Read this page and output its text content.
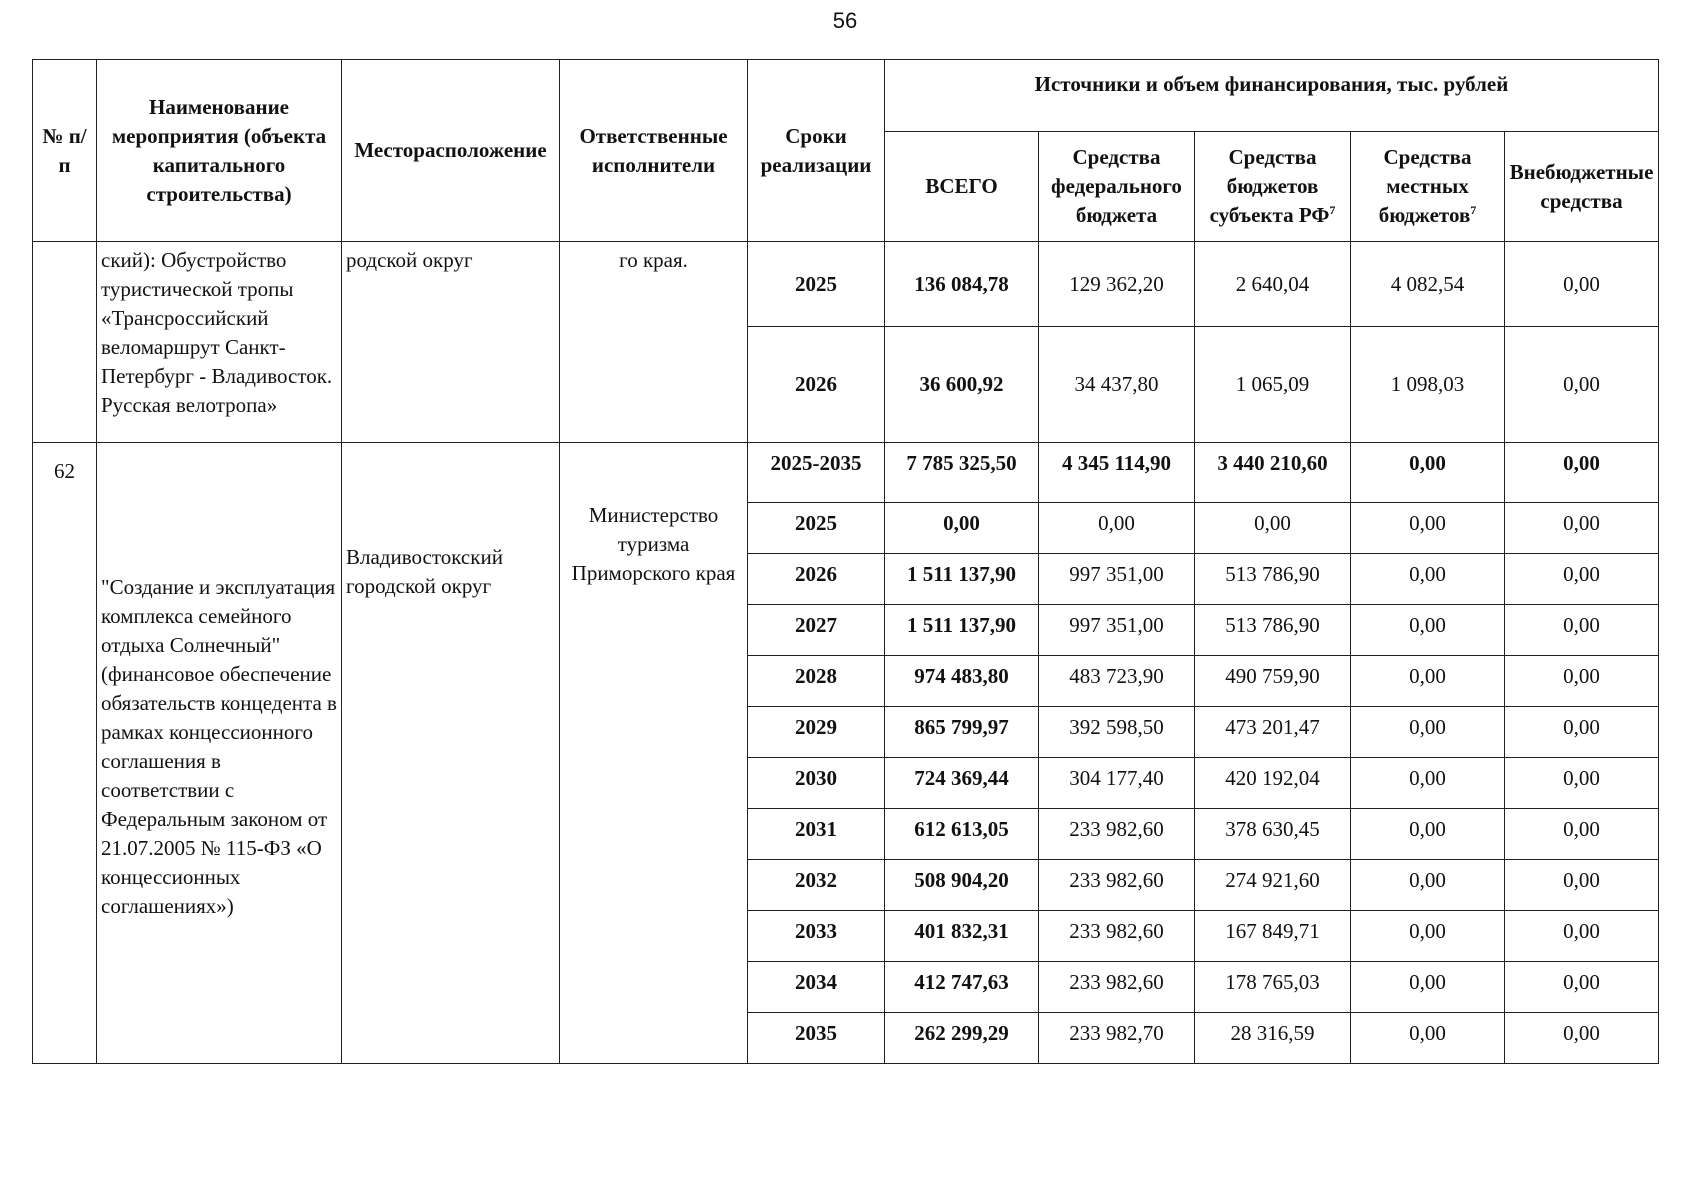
56
№ п/п	Наименование мероприятия (объекта капитального строительства)	Месторасположение	Ответственные исполнители	Сроки реализации	Источники и объем финансирования, тыс. рублей				
					ВСЕГО	Средства федерального бюджета	Средства бюджетов субъекта $РФ^7$	Средства местных бюджетов$^7$	Внебюджетные средства
	ский): Обустройство туристической тропы «Трансроссийский веломаршрут Санкт-Петербург - Владивосток. Русская велотропа»	родской округ	го края.	2025	136 084,78	129 362,20	2 640,04	4 082,54	0,00
				2026	36 600,92	34 437,80	1 065,09	1 098,03	0,00
62	"Создание и эксплуатация комплекса семейного отдыха Солнечный" (финансовое обеспечение обязательств концедента в рамках концессионного соглашения в соответствии с Федеральным законом от 21.07.2005 № 115-ФЗ «О концессионных соглашениях»)	Владивостокский городской округ	Министерство туризма Приморского края	2025-2035	7 785 325,50	4 345 114,90	3 440 210,60	0,00	0,00
				2025	0,00	0,00	0,00	0,00	0,00
				2026	1 511 137,90	997 351,00	513 786,90	0,00	0,00
				2027	1 511 137,90	997 351,00	513 786,90	0,00	0,00
				2028	974 483,80	483 723,90	490 759,90	0,00	0,00
				2029	865 799,97	392 598,50	473 201,47	0,00	0,00
				2030	724 369,44	304 177,40	420 192,04	0,00	0,00
				2031	612 613,05	233 982,60	378 630,45	0,00	0,00
				2032	508 904,20	233 982,60	274 921,60	0,00	0,00
				2033	401 832,31	233 982,60	167 849,71	0,00	0,00
				2034	412 747,63	233 982,60	178 765,03	0,00	0,00
				2035	262 299,29	233 982,70	28 316,59	0,00	0,00
